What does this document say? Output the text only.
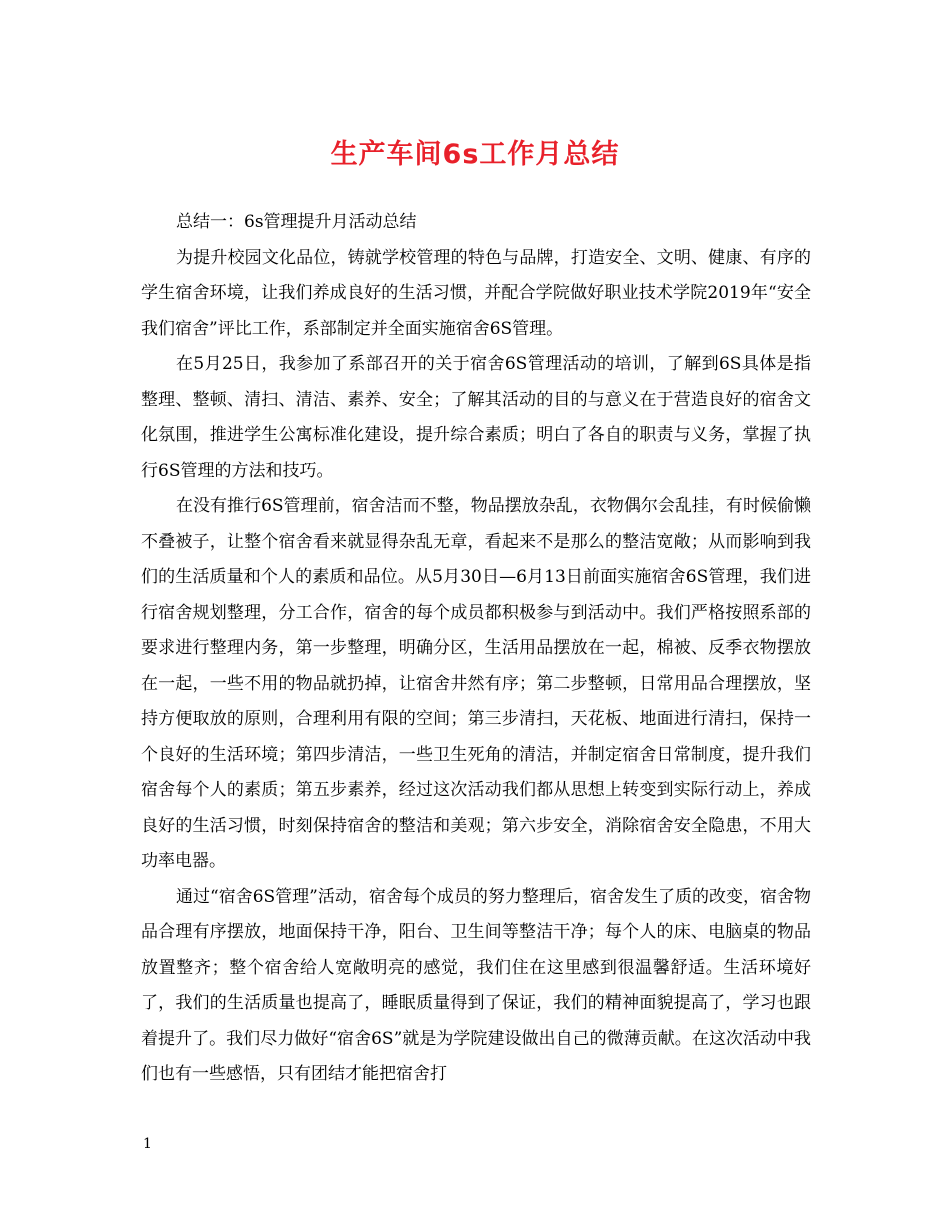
生产车间6s工作月总结

总结一：6s管理提升月活动总结

为提升校园文化品位，铸就学校管理的特色与品牌，打造安全、文明、健康、有序的学生宿舍环境，让我们养成良好的生活习惯，并配合学院做好职业技术学院2019年“安全我们宿舍”评比工作，系部制定并全面实施宿舍6S管理。

在5月25日，我参加了系部召开的关于宿舍6S管理活动的培训，了解到6S具体是指整理、整顿、清扫、清洁、素养、安全；了解其活动的目的与意义在于营造良好的宿舍文化氛围，推进学生公寓标准化建设，提升综合素质；明白了各自的职责与义务，掌握了执行6S管理的方法和技巧。

在没有推行6S管理前，宿舍洁而不整，物品摆放杂乱，衣物偶尔会乱挂，有时候偷懒不叠被子，让整个宿舍看来就显得杂乱无章，看起来不是那么的整洁宽敞；从而影响到我们的生活质量和个人的素质和品位。从5月30日—6月13日前面实施宿舍6S管理，我们进行宿舍规划整理，分工合作，宿舍的每个成员都积极参与到活动中。我们严格按照系部的要求进行整理内务，第一步整理，明确分区，生活用品摆放在一起，棉被、反季衣物摆放在一起，一些不用的物品就扔掉，让宿舍井然有序；第二步整顿，日常用品合理摆放，坚持方便取放的原则，合理利用有限的空间；第三步清扫，天花板、地面进行清扫，保持一个良好的生活环境；第四步清洁，一些卫生死角的清洁，并制定宿舍日常制度，提升我们宿舍每个人的素质；第五步素养，经过这次活动我们都从思想上转变到实际行动上，养成良好的生活习惯，时刻保持宿舍的整洁和美观；第六步安全，消除宿舍安全隐患，不用大功率电器。

通过“宿舍6S管理”活动，宿舍每个成员的努力整理后，宿舍发生了质的改变，宿舍物品合理有序摆放，地面保持干净，阳台、卫生间等整洁干净；每个人的床、电脑桌的物品放置整齐；整个宿舍给人宽敞明亮的感觉，我们住在这里感到很温馨舒适。生活环境好了，我们的生活质量也提高了，睡眠质量得到了保证，我们的精神面貌提高了，学习也跟着提升了。我们尽力做好“宿舍6S”就是为学院建设做出自己的微薄贡献。在这次活动中我们也有一些感悟，只有团结才能把宿舍打

1
